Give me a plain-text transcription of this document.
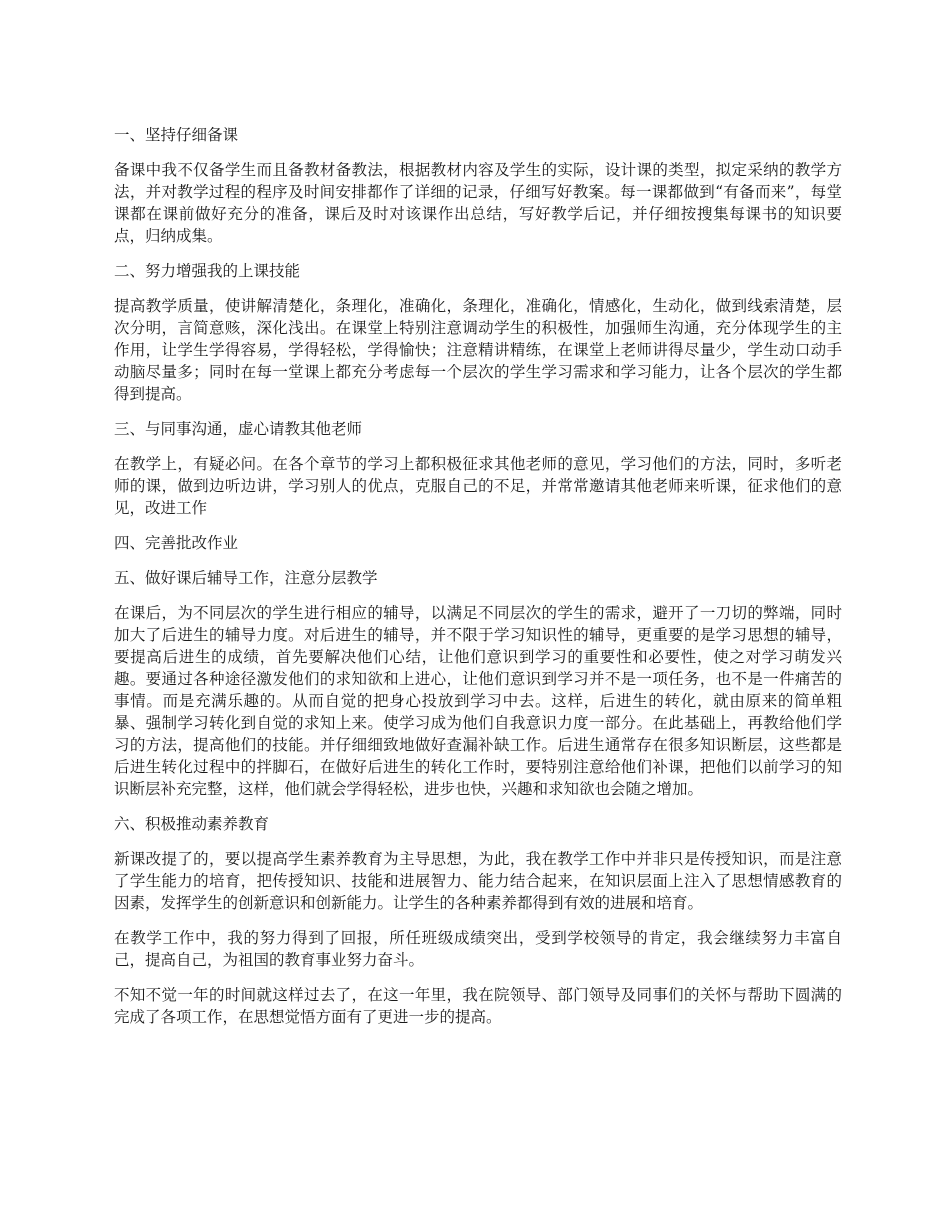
一、坚持仔细备课

备课中我不仅备学生而且备教材备教法，根据教材内容及学生的实际，设计课的类型，拟定采纳的教学方法，并对教学过程的程序及时间安排都作了详细的记录，仔细写好教案。每一课都做到“有备而来”，每堂课都在课前做好充分的准备，课后及时对该课作出总结，写好教学后记，并仔细按搜集每课书的知识要点，归纳成集。

二、努力增强我的上课技能

提高教学质量，使讲解清楚化，条理化，准确化，条理化，准确化，情感化，生动化，做到线索清楚，层次分明，言简意赅，深化浅出。在课堂上特别注意调动学生的积极性，加强师生沟通，充分体现学生的主作用，让学生学得容易，学得轻松，学得愉快；注意精讲精练，在课堂上老师讲得尽量少，学生动口动手动脑尽量多；同时在每一堂课上都充分考虑每一个层次的学生学习需求和学习能力，让各个层次的学生都得到提高。

三、与同事沟通，虚心请教其他老师

在教学上，有疑必问。在各个章节的学习上都积极征求其他老师的意见，学习他们的方法，同时，多听老师的课，做到边听边讲，学习别人的优点，克服自己的不足，并常常邀请其他老师来听课，征求他们的意见，改进工作

四、完善批改作业

五、做好课后辅导工作，注意分层教学

在课后，为不同层次的学生进行相应的辅导，以满足不同层次的学生的需求，避开了一刀切的弊端，同时加大了后进生的辅导力度。对后进生的辅导，并不限于学习知识性的辅导，更重要的是学习思想的辅导，要提高后进生的成绩，首先要解决他们心结，让他们意识到学习的重要性和必要性，使之对学习萌发兴趣。要通过各种途径激发他们的求知欲和上进心，让他们意识到学习并不是一项任务，也不是一件痛苦的事情。而是充满乐趣的。从而自觉的把身心投放到学习中去。这样，后进生的转化，就由原来的简单粗暴、强制学习转化到自觉的求知上来。使学习成为他们自我意识力度一部分。在此基础上，再教给他们学习的方法，提高他们的技能。并仔细细致地做好查漏补缺工作。后进生通常存在很多知识断层，这些都是后进生转化过程中的拌脚石，在做好后进生的转化工作时，要特别注意给他们补课，把他们以前学习的知识断层补充完整，这样，他们就会学得轻松，进步也快，兴趣和求知欲也会随之增加。

六、积极推动素养教育

新课改提了的，要以提高学生素养教育为主导思想，为此，我在教学工作中并非只是传授知识，而是注意了学生能力的培育，把传授知识、技能和进展智力、能力结合起来，在知识层面上注入了思想情感教育的因素，发挥学生的创新意识和创新能力。让学生的各种素养都得到有效的进展和培育。

在教学工作中，我的努力得到了回报，所任班级成绩突出，受到学校领导的肯定，我会继续努力丰富自己，提高自己，为祖国的教育事业努力奋斗。

不知不觉一年的时间就这样过去了，在这一年里，我在院领导、部门领导及同事们的关怀与帮助下圆满的完成了各项工作，在思想觉悟方面有了更进一步的提高。
